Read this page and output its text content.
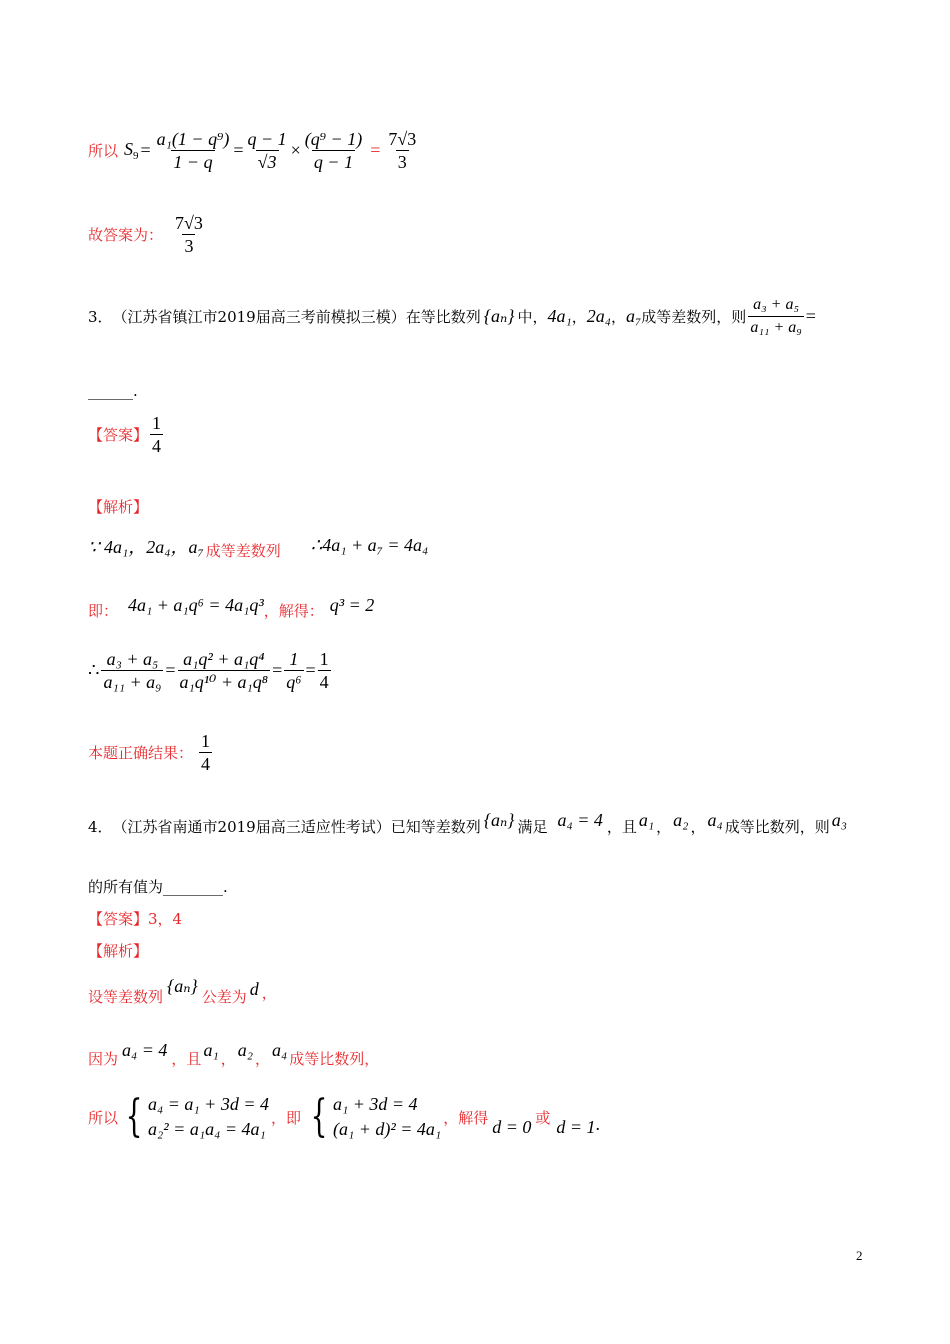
所以 $S_9 = \frac{\text{a₁(1 − q⁹)}}{1 - q} = \frac{q - 1}{√3} \times \frac{\text{(q⁹ − 1)}}{q - 1} = \frac{7√3}{3}$
故答案为： $\frac{7√3}{3}$
3． （江苏省镇江市2019届高三考前模拟三模） 在等比数列 {aₙ} 中， 4a₁ ， 2a₄ ， a₇ 成等差数列，则 $\frac{\text{a₃ + a₅}}{\text{a₁₁ + a₉}}$ =
______.
【答案】 $\frac{1}{4}$
【解析】
∵ 4a₁，2a₄，a₇ 成等差数列 ∴4a₁ + a₇ = 4a₄
即： 4a₁ + a₁q⁶ = 4a₁q³ ，解得： q³ = 2
∴ $\frac{\text{a₃ + a₅}}{\text{a₁₁ + a₉}} = \frac{\text{a₁q² + a₁q⁴}}{\text{a₁q¹⁰ + a₁q⁸}} = \frac{1}{\text{q⁶}} = \frac{1}{4}$
本题正确结果： $\frac{1}{4}$
4． （江苏省南通市2019届高三适应性考试） 已知等差数列 {aₙ} 满足 a₄ = 4 ，且 a₁ ， a₂ ， a₄ 成等比数列，则 a₃
的所有值为________.
【答案】3，4
【解析】
设等差数列
{aₙ}
公差为 d ，
因为 a₄ = 4 ，且 a₁ ， a₂ ， a₄ 成等比数列，
所以 { a₄ = a₁ + 3d = 4
a₂² = a₁a₄ = 4a₁
，即 { a₁ + 3d = 4
(a₁ + d)² = 4a₁
，解得 d = 0 或 d = 1 .
2
